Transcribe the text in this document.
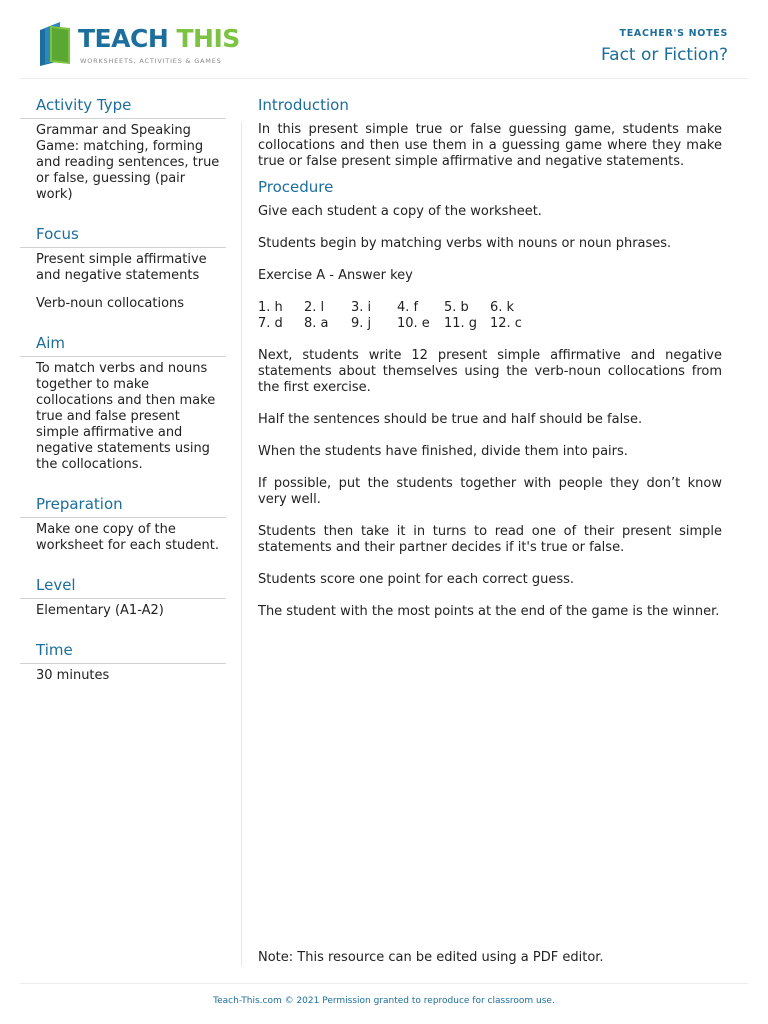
TEACH THIS
WORKSHEETS, ACTIVITIES & GAMES
TEACHER'S NOTES
Fact or Fiction?
Activity Type
Grammar and Speaking Game: matching, forming and reading sentences, true or false, guessing (pair work)
Focus
Present simple affirmative and negative statements
Verb-noun collocations
Aim
To match verbs and nouns together to make collocations and then make true and false present simple affirmative and negative statements using the collocations.
Preparation
Make one copy of the worksheet for each student.
Level
Elementary (A1-A2)
Time
30 minutes
Introduction
In this present simple true or false guessing game, students make collocations and then use them in a guessing game where they make true or false present simple affirmative and negative statements.
Procedure
Give each student a copy of the worksheet.
Students begin by matching verbs with nouns or noun phrases.
Exercise A - Answer key
1. h	2. l	3. i	4. f	5. b	6. k
7. d	8. a	9. j	10. e	11. g 12. c
Next, students write 12 present simple affirmative and negative statements about themselves using the verb-noun collocations from the first exercise.
Half the sentences should be true and half should be false.
When the students have finished, divide them into pairs.
If possible, put the students together with people they don’t know very well.
Students then take it in turns to read one of their present simple statements and their partner decides if it's true or false.
Students score one point for each correct guess.
The student with the most points at the end of the game is the winner.
Note: This resource can be edited using a PDF editor.
Teach-This.com © 2021 Permission granted to reproduce for classroom use.
